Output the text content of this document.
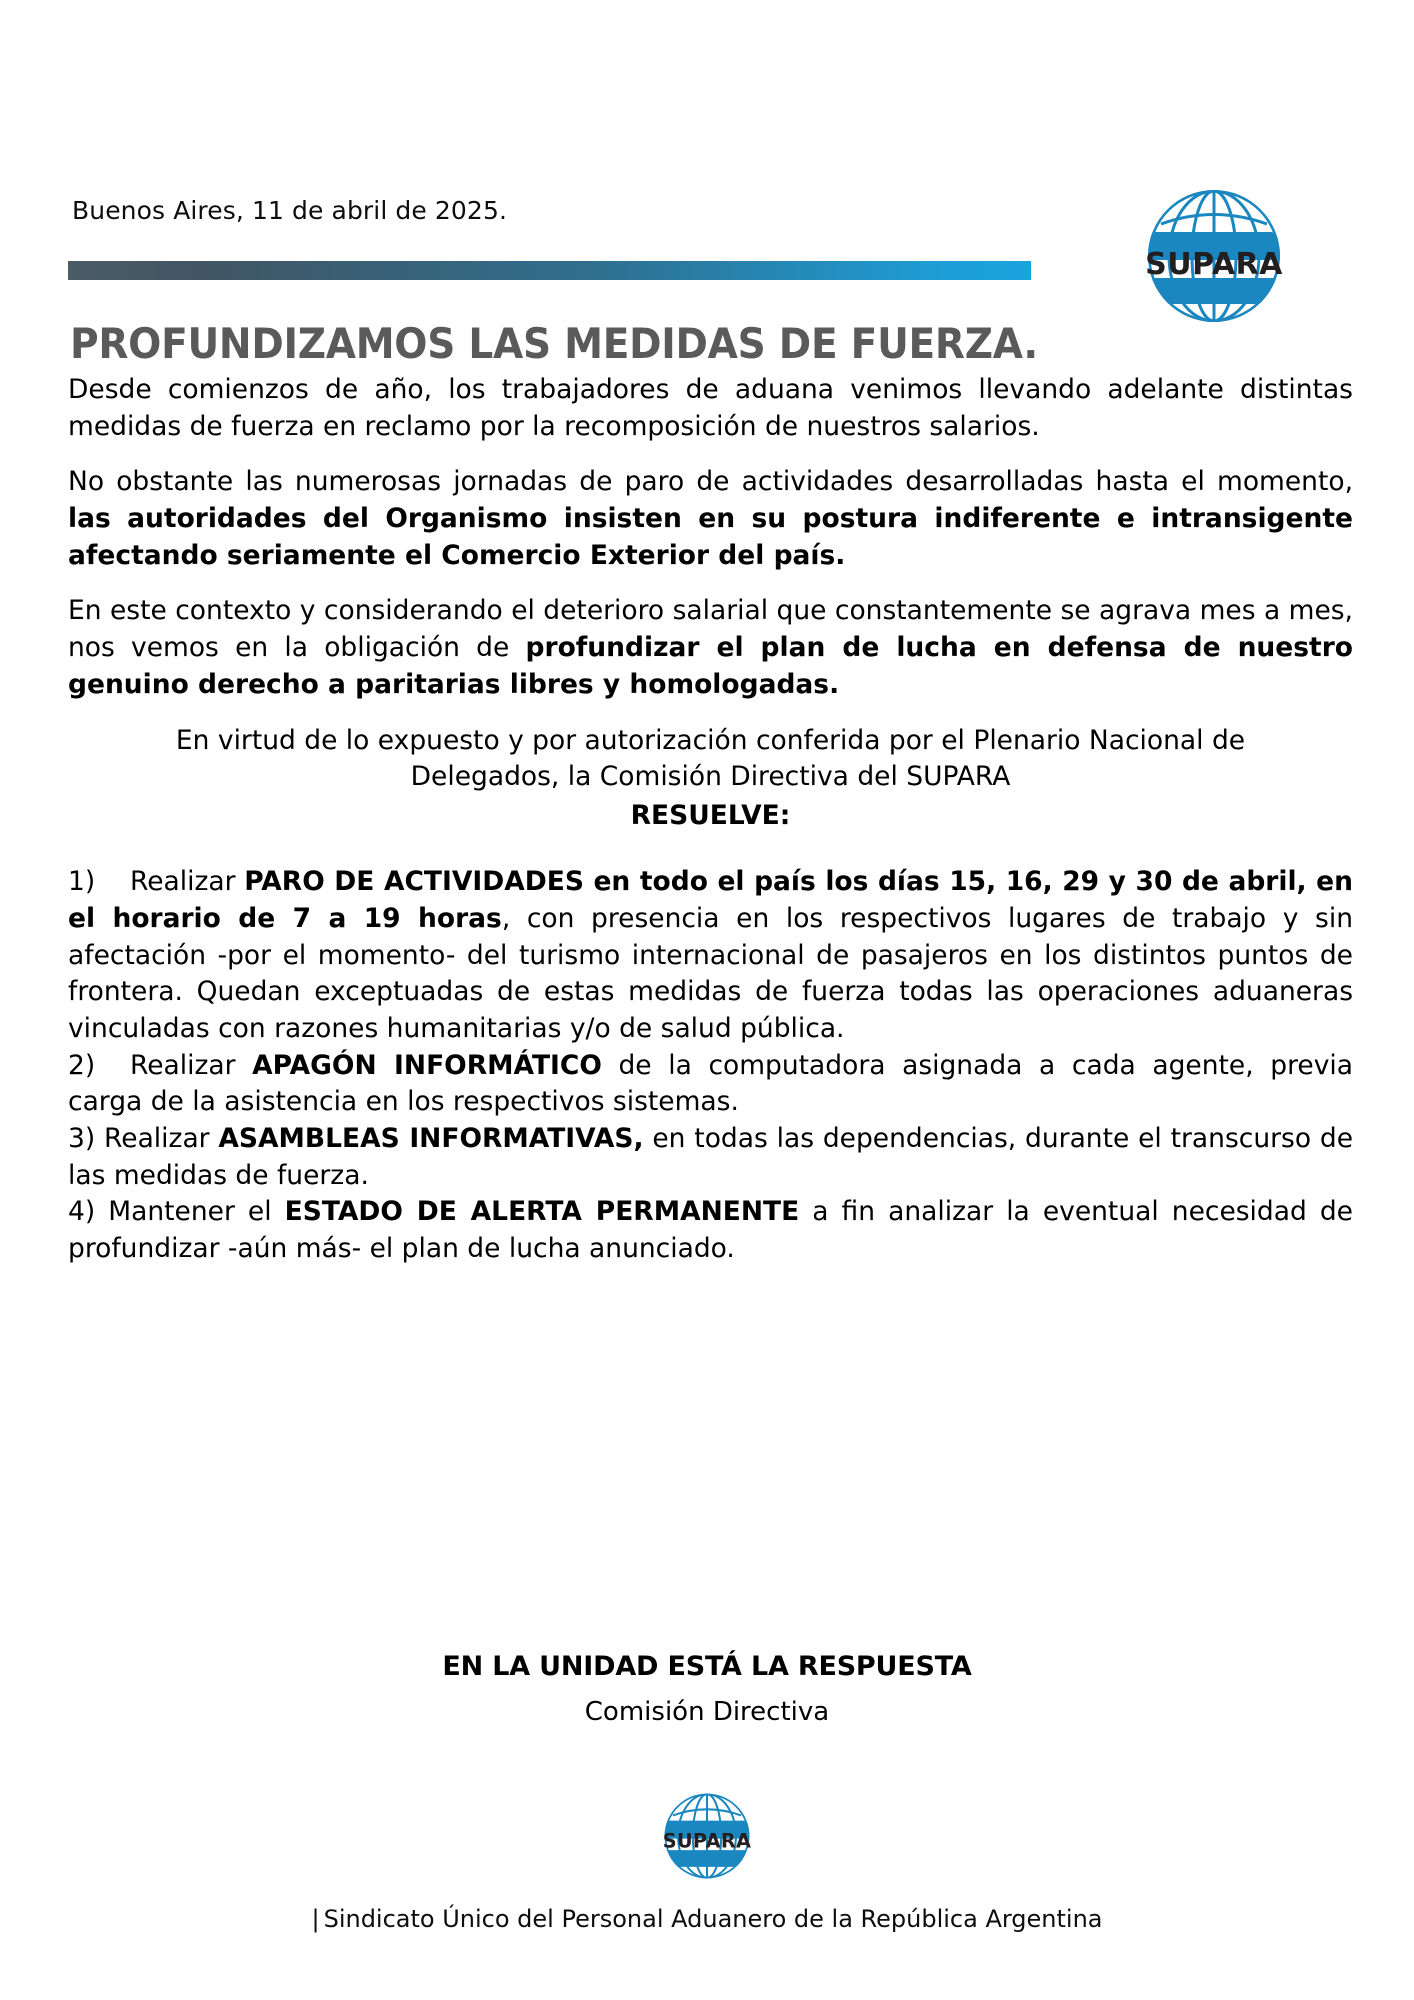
Buenos Aires, 11 de abril de 2025.
PROFUNDIZAMOS LAS MEDIDAS DE FUERZA.
SUPARA

Desde comienzos de año, los trabajadores de aduana venimos llevando adelante distintas medidas de fuerza en reclamo por la recomposición de nuestros salarios.

No obstante las numerosas jornadas de paro de actividades desarrolladas hasta el momento, las autoridades del Organismo insisten en su postura indiferente e intransigente afectando seriamente el Comercio Exterior del país.

En este contexto y considerando el deterioro salarial que constantemente se agrava mes a mes, nos vemos en la obligación de profundizar el plan de lucha en defensa de nuestro genuino derecho a paritarias libres y homologadas.

En virtud de lo expuesto y por autorización conferida por el Plenario Nacional de
Delegados, la Comisión Directiva del SUPARA
RESUELVE:

1) Realizar PARO DE ACTIVIDADES en todo el país los días 15, 16, 29 y 30 de abril, en el horario de 7 a 19 horas, con presencia en los respectivos lugares de trabajo y sin afectación -por el momento- del turismo internacional de pasajeros en los distintos puntos de frontera. Quedan exceptuadas de estas medidas de fuerza todas las operaciones aduaneras vinculadas con razones humanitarias y/o de salud pública.

2) Realizar APAGÓN INFORMÁTICO de la computadora asignada a cada agente, previa carga de la asistencia en los respectivos sistemas.

3) Realizar ASAMBLEAS INFORMATIVAS, en todas las dependencias, durante el transcurso de las medidas de fuerza.

4) Mantener el ESTADO DE ALERTA PERMANENTE a fin analizar la eventual necesidad de profundizar -aún más- el plan de lucha anunciado.

EN LA UNIDAD ESTÁ LA RESPUESTA

Comisión Directiva

SUPARA
| Sindicato Único del Personal Aduanero de la República Argentina
